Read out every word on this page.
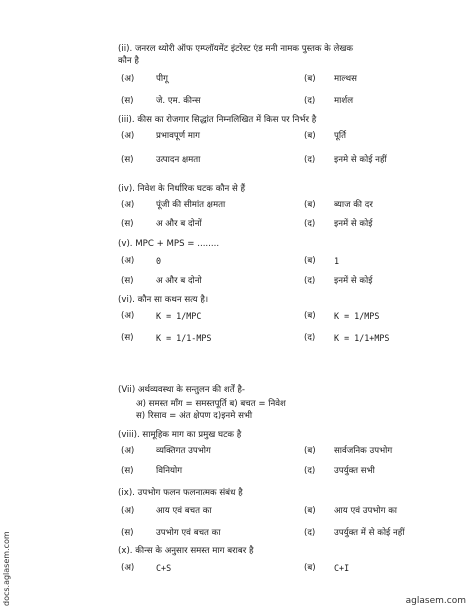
(ii). जनरल थ्योरी ऑफ एम्प्लॉयमेंट इंटरेस्ट एंड मनी नामक पुस्तक के लेखक
कौन है
(अ)	पीगू	(ब) माल्थस
(स)	जे. एम. कीन्स	(द) मार्शल
(iii). कीस का रोजगार सिद्धांत निम्नलिखित में किस पर निर्भर है
(अ)	प्रभावपूर्ण माग	(ब) पूर्ति
(स)	उत्पादन क्षमता	(द) इनमे से कोई नहीं
(iv). निवेश के निर्धारिक घटक कौन से हैं
(अ)	पूंजी की सीमांत क्षमता	(ब) ब्याज की दर
(स)	अ और ब दोनों	(द) इनमें से कोई
(v). MPC + MPS = ........
(अ)	0	(ब) 1
(स)	अ और ब दोनो	(द) इनमें से कोई
(vi). कौन सा कथन सत्य है।
(अ)	K = 1/MPC	(ब) K = 1/MPS
(स)	K = 1/1-MPS	(द) K = 1/1+MPS
(Vii) अर्थव्यवस्था के सन्तुलन की शर्तें है-
अ) समस्त माँग = समस्तपूर्ति ब) बचत = निवेश
स) रिसाव = अंत क्षेपण द)इनमे सभी
(viii). सामूहिक माग का प्रमुख घटक है
(अ)	व्यक्तिगत उपभोग	(ब) सार्वजनिक उपभोग
(स)	विनियोग	(द) उपर्युक्त सभी
(ix). उपभोग फलन फलनात्मक संबंध है
(अ)	आय एवं बचत का	(ब) आय एवं उपभोग का
(स)	उपभोग एवं बचत का	(द) उपर्युक्त में से कोई नहीं
(x). कीन्स के अनुसार समस्त माग बराबर है
(अ)	C+S	(ब) C+I
docs.aglasem.com	aglasem.com
